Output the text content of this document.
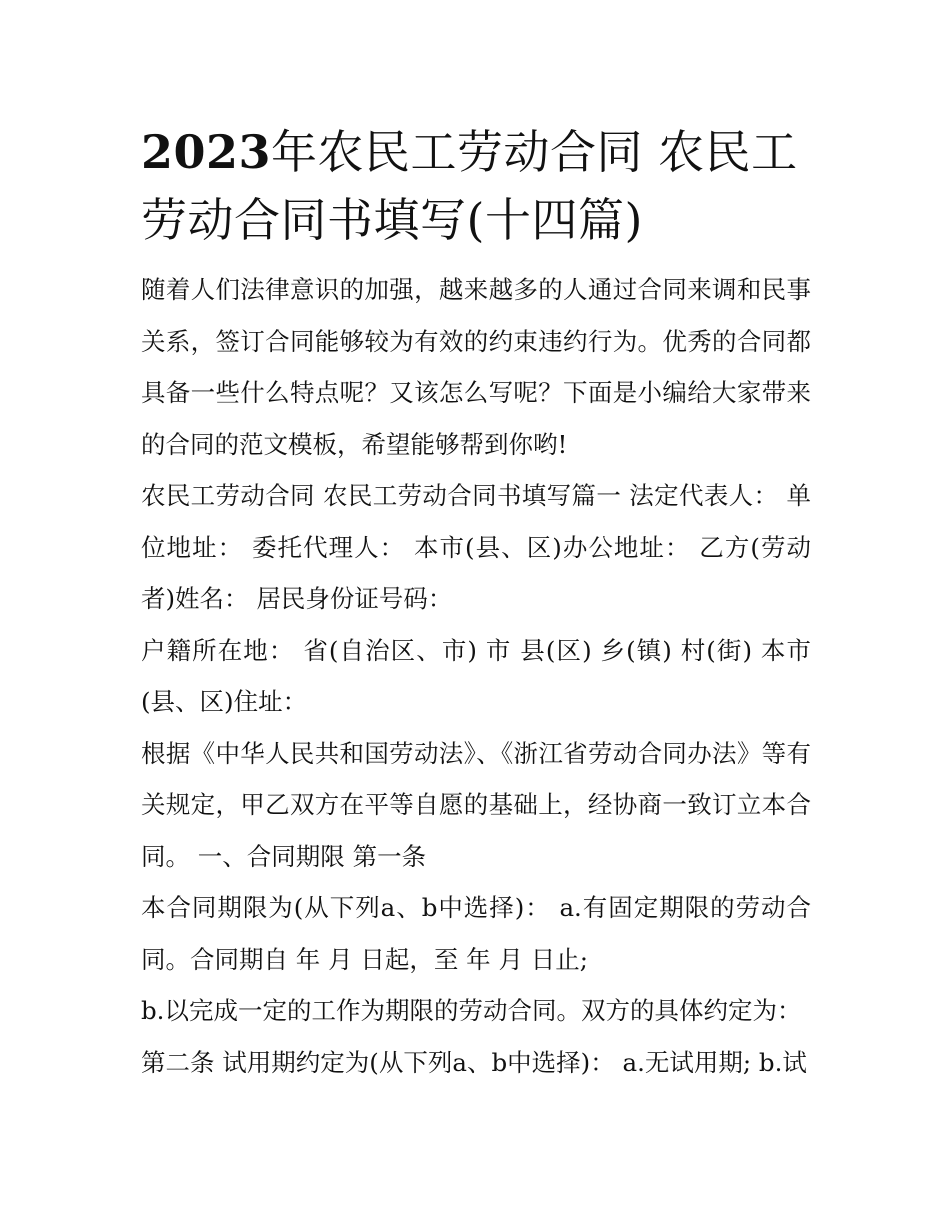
2023年农民工劳动合同 农民工劳动合同书填写(十四篇)

随着人们法律意识的加强，越来越多的人通过合同来调和民事关系，签订合同能够较为有效的约束违约行为。优秀的合同都具备一些什么特点呢？又该怎么写呢？下面是小编给大家带来的合同的范文模板，希望能够帮到你哟!

农民工劳动合同 农民工劳动合同书填写篇一 法定代表人： 单位地址： 委托代理人： 本市(县、区)办公地址： 乙方(劳动者)姓名： 居民身份证号码：

户籍所在地： 省(自治区、市) 市 县(区) 乡(镇) 村(街) 本市(县、区)住址：

根据《中华人民共和国劳动法》、《浙江省劳动合同办法》等有关规定，甲乙双方在平等自愿的基础上，经协商一致订立本合同。 一、合同期限 第一条

本合同期限为(从下列a、b中选择)： a.有固定期限的劳动合同。合同期自 年 月 日起，至 年 月 日止;

b.以完成一定的工作为期限的劳动合同。双方的具体约定为：

第二条 试用期约定为(从下列a、b中选择)： a.无试用期; b.试
